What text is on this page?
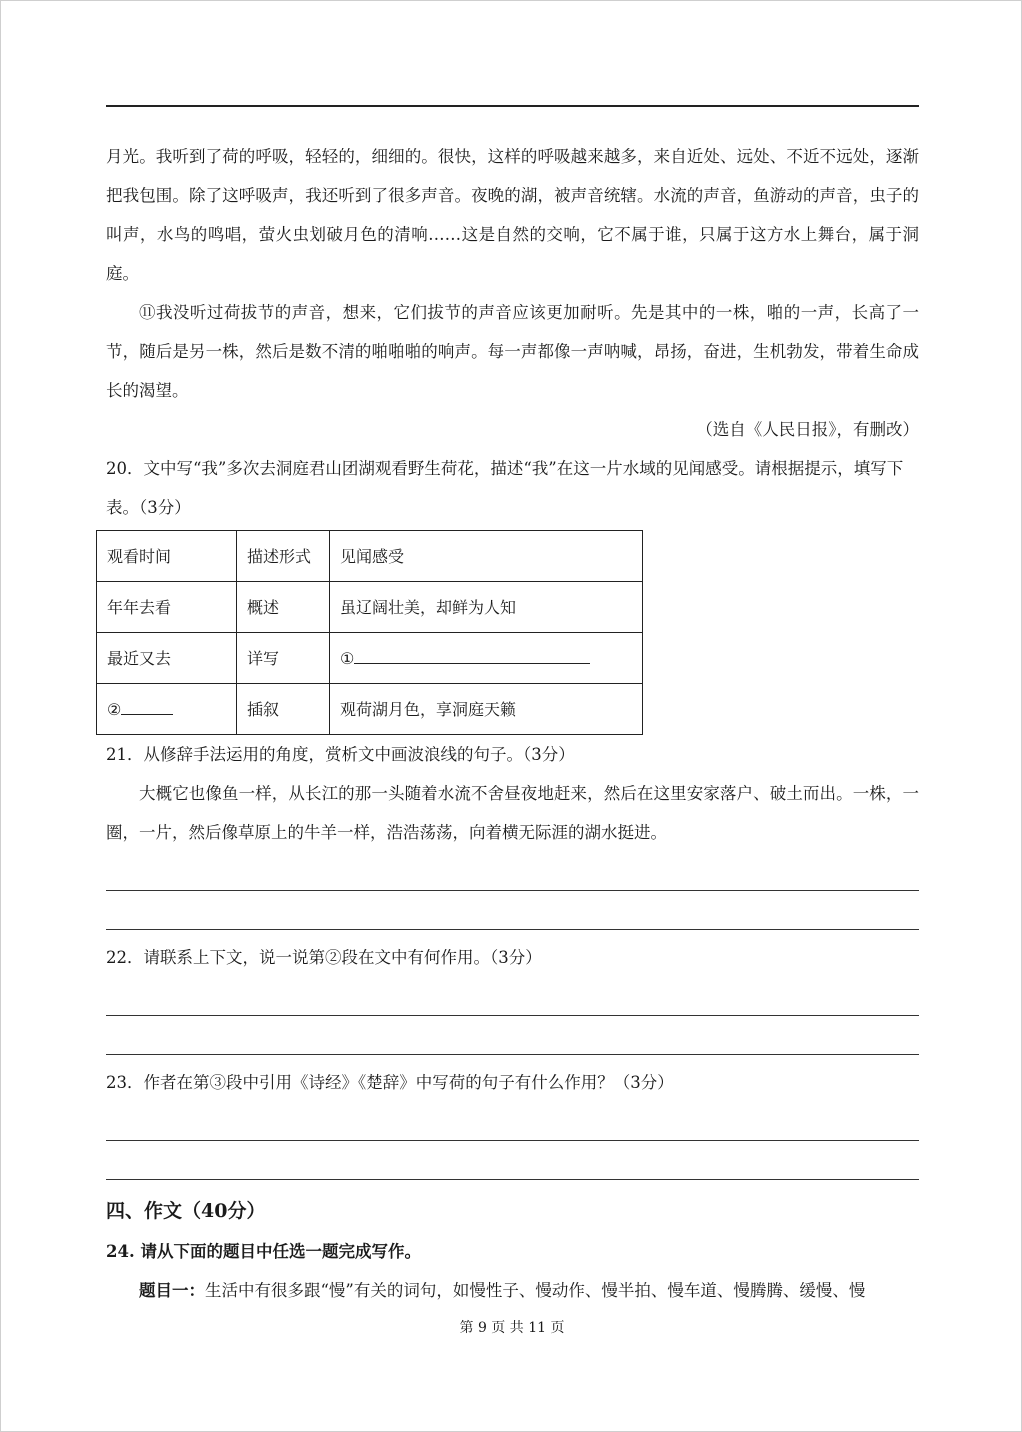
月光。我听到了荷的呼吸，轻轻的，细细的。很快，这样的呼吸越来越多，来自近处、远处、不近不远处，逐渐把我包围。除了这呼吸声，我还听到了很多声音。夜晚的湖，被声音统辖。水流的声音，鱼游动的声音，虫子的叫声，水鸟的鸣唱，萤火虫划破月色的清响……这是自然的交响，它不属于谁，只属于这方水上舞台，属于洞庭。

⑪我没听过荷拔节的声音，想来，它们拔节的声音应该更加耐听。先是其中的一株，啪的一声，长高了一节，随后是另一株，然后是数不清的啪啪啪的响声。每一声都像一声呐喊，昂扬，奋进，生机勃发，带着生命成长的渴望。

（选自《人民日报》，有删改）

20．文中写“我”多次去洞庭君山团湖观看野生荷花，描述“我”在这一片水域的见闻感受。请根据提示，填写下表。（3分）

观看时间	描述形式	见闻感受
年年去看	概述	虽辽阔壮美，却鲜为人知
最近又去	详写	①
②	插叙	观荷湖月色，享洞庭天籁

21．从修辞手法运用的角度，赏析文中画波浪线的句子。（3分）

大概它也像鱼一样，从长江的那一头随着水流不舍昼夜地赶来，然后在这里安家落户、破土而出。一株，一圈，一片，然后像草原上的牛羊一样，浩浩荡荡，向着横无际涯的湖水挺进。

22．请联系上下文，说一说第②段在文中有何作用。（3分）

23．作者在第③段中引用《诗经》《楚辞》中写荷的句子有什么作用？（3分）

四、作文（40分）

24. 请从下面的题目中任选一题完成写作。

题目一：生活中有很多跟“慢”有关的词句，如慢性子、慢动作、慢半拍、慢车道、慢腾腾、缓慢、慢

第 9 页 共 11 页
